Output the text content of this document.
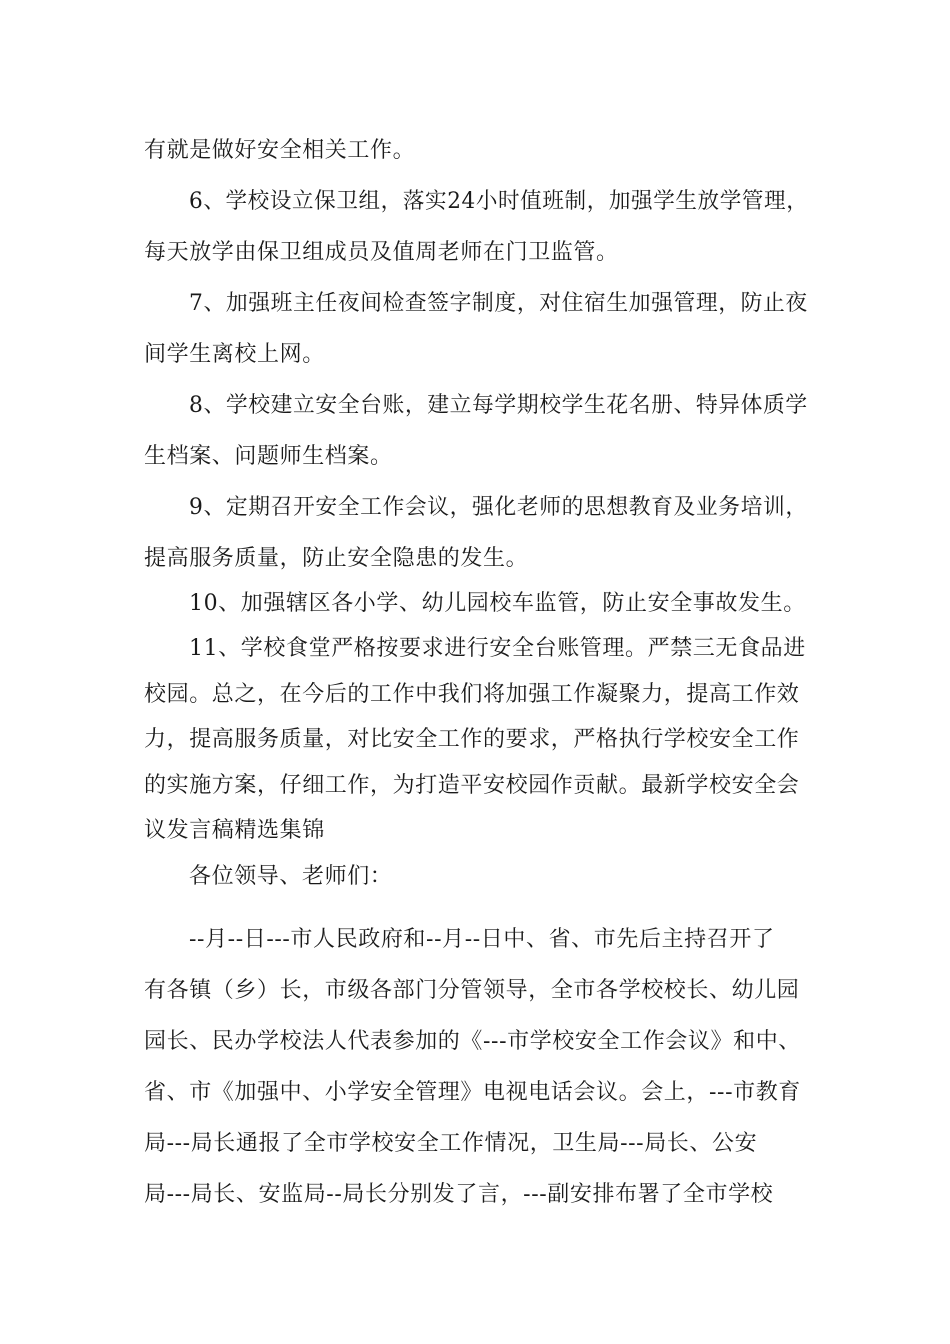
有就是做好安全相关工作。
6、学校设立保卫组，落实24小时值班制，加强学生放学管理，
每天放学由保卫组成员及值周老师在门卫监管。
7、加强班主任夜间检查签字制度，对住宿生加强管理，防止夜
间学生离校上网。
8、学校建立安全台账，建立每学期校学生花名册、特异体质学
生档案、问题师生档案。
9、定期召开安全工作会议，强化老师的思想教育及业务培训，
提高服务质量，防止安全隐患的发生。
10、加强辖区各小学、幼儿园校车监管，防止安全事故发生。
11、学校食堂严格按要求进行安全台账管理。严禁三无食品进
校园。总之，在今后的工作中我们将加强工作凝聚力，提高工作效
力，提高服务质量，对比安全工作的要求，严格执行学校安全工作
的实施方案，仔细工作，为打造平安校园作贡献。最新学校安全会
议发言稿精选集锦
各位领导、老师们：
--月--日---市人民政府和--月--日中、省、市先后主持召开了
有各镇（乡）长，市级各部门分管领导，全市各学校校长、幼儿园
园长、民办学校法人代表参加的《---市学校安全工作会议》和中、
省、市《加强中、小学安全管理》电视电话会议。会上，---市教育
局---局长通报了全市学校安全工作情况，卫生局---局长、公安
局---局长、安监局--局长分别发了言，---副安排布署了全市学校
